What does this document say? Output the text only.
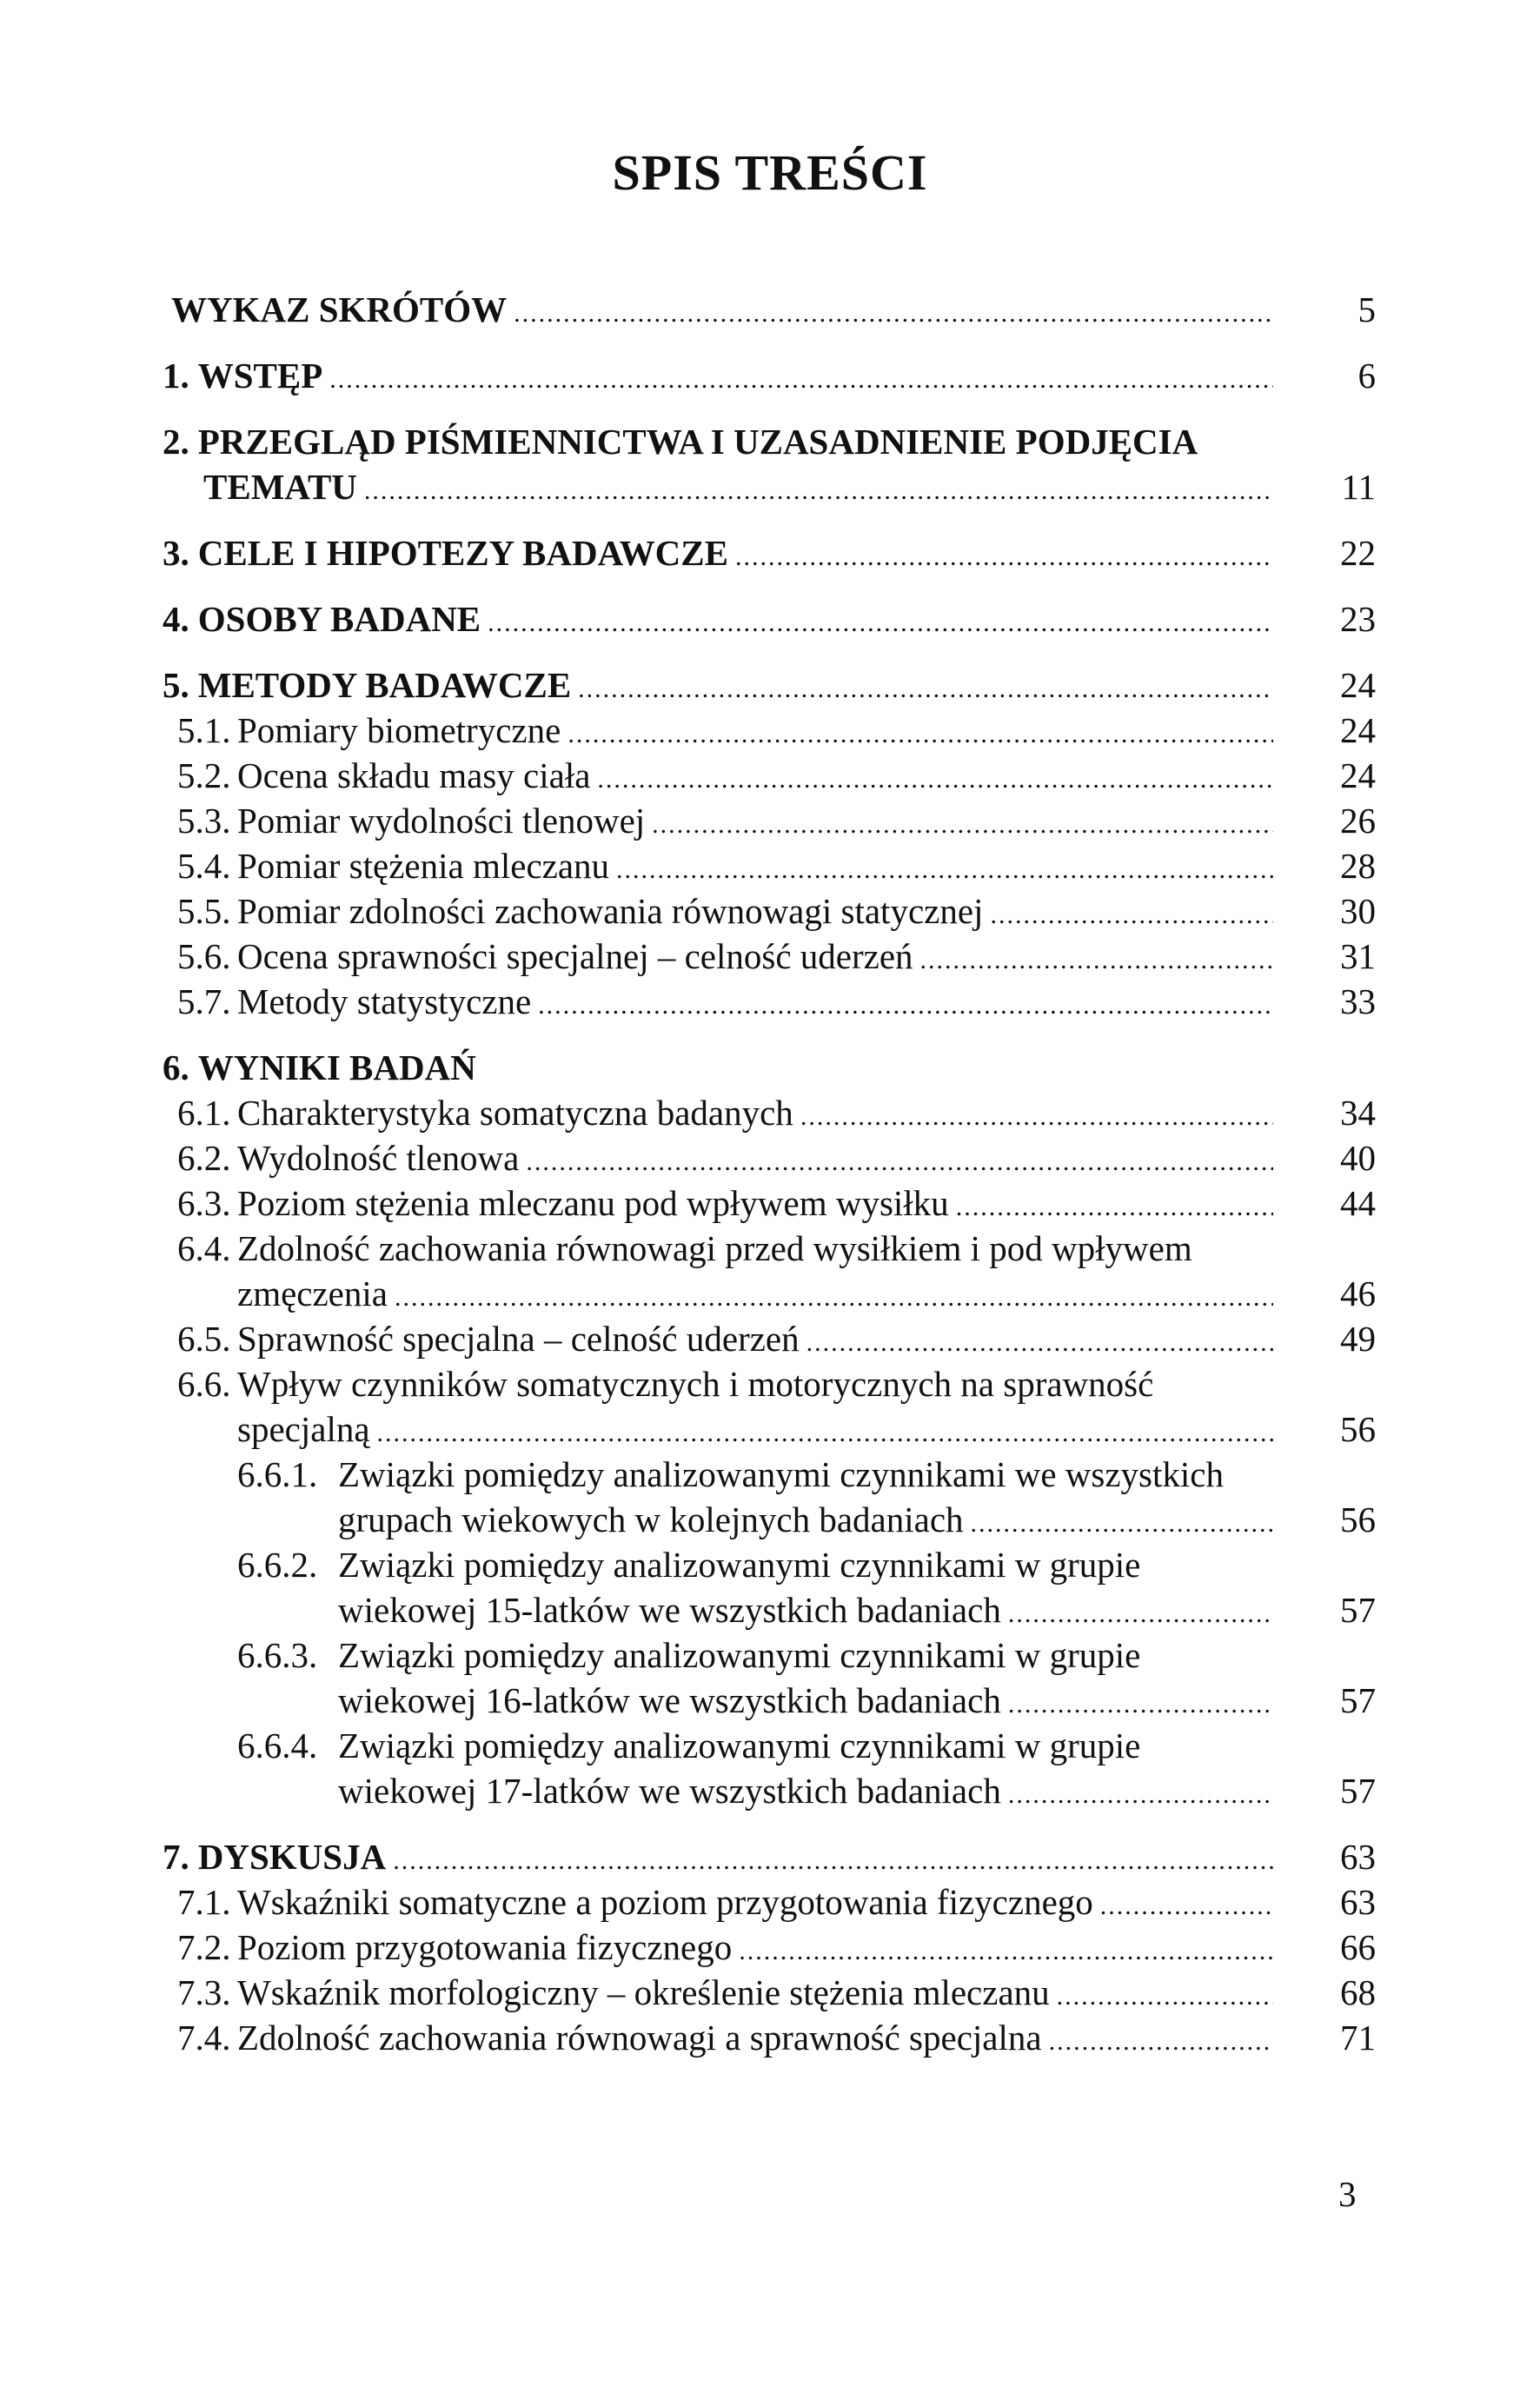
SPIS TREŚCI
WYKAZ SKRÓTÓW .....	5
1. WSTĘP .....	6
2. PRZEGLĄD PIŚMIENNICTWA I UZASADNIENIE PODJĘCIA
TEMATU .....	11
3. CELE I HIPOTEZY BADAWCZE .....	22
4. OSOBY BADANE .....	23
5. METODY BADAWCZE .....	24
5.1. Pomiary biometryczne .....	24
5.2. Ocena składu masy ciała .....	24
5.3. Pomiar wydolności tlenowej .....	26
5.4. Pomiar stężenia mleczanu .....	28
5.5. Pomiar zdolności zachowania równowagi statycznej .....	30
5.6. Ocena sprawności specjalnej – celność uderzeń .....	31
5.7. Metody statystyczne .....	33
6. WYNIKI BADAŃ
6.1. Charakterystyka somatyczna badanych .....	34
6.2. Wydolność tlenowa .....	40
6.3. Poziom stężenia mleczanu pod wpływem wysiłku .....	44
6.4. Zdolność zachowania równowagi przed wysiłkiem i pod wpływem
zmęczenia .....	46
6.5. Sprawność specjalna – celność uderzeń .....	49
6.6. Wpływ czynników somatycznych i motorycznych na sprawność
specjalną .....	56
6.6.1. Związki pomiędzy analizowanymi czynnikami we wszystkich
grupach wiekowych w kolejnych badaniach .....	56
6.6.2. Związki pomiędzy analizowanymi czynnikami w grupie
wiekowej 15-latków we wszystkich badaniach .....	57
6.6.3. Związki pomiędzy analizowanymi czynnikami w grupie
wiekowej 16-latków we wszystkich badaniach .....	57
6.6.4. Związki pomiędzy analizowanymi czynnikami w grupie
wiekowej 17-latków we wszystkich badaniach .....	57
7. DYSKUSJA .....	63
7.1. Wskaźniki somatyczne a poziom przygotowania fizycznego .....	63
7.2. Poziom przygotowania fizycznego .....	66
7.3. Wskaźnik morfologiczny – określenie stężenia mleczanu .....	68
7.4. Zdolność zachowania równowagi a sprawność specjalna .....	71
3
